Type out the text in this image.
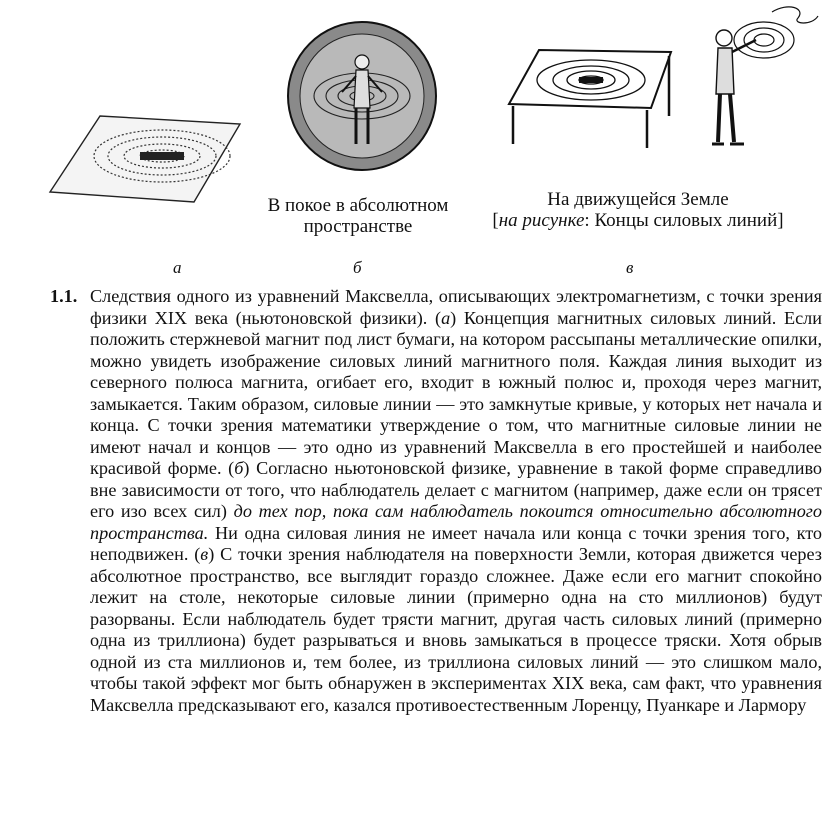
В покое в абсолютном
пространстве
На движущейся Земле
[на рисунке: Концы силовых линий]
а	б	в
1.1. Следствия одного из уравнений Максвелла, описывающих электромагнетизм, с точки зрения физики XIX века (ньютоновской физики). (а) Концепция магнитных силовых линий. Если положить стержневой магнит под лист бумаги, на котором рассыпаны металлические опилки, можно увидеть изображение силовых линий магнитного поля. Каждая линия выходит из северного полюса магнита, огибает его, входит в южный полюс и, проходя через магнит, замыкается. Таким образом, силовые линии — это замкнутые кривые, у которых нет начала и конца. С точки зрения математики утверждение о том, что магнитные силовые линии не имеют начал и концов — это одно из уравнений Максвелла в его простейшей и наиболее красивой форме. (б) Согласно ньютоновской физике, уравнение в такой форме справедливо вне зависимости от того, что наблюдатель делает с магнитом (например, даже если он трясет его изо всех сил) до тех пор, пока сам наблюдатель покоится относительно абсолютного пространства. Ни одна силовая линия не имеет начала или конца с точки зрения того, кто неподвижен. (в) С точки зрения наблюдателя на поверхности Земли, которая движется через абсолютное пространство, все выглядит гораздо сложнее. Даже если его магнит спокойно лежит на столе, некоторые силовые линии (примерно одна на сто миллионов) будут разорваны. Если наблюдатель будет трясти магнит, другая часть силовых линий (примерно одна из триллиона) будет разрываться и вновь замыкаться в процессе тряски. Хотя обрыв одной из ста миллионов и, тем более, из триллиона силовых линий — это слишком мало, чтобы такой эффект мог быть обнаружен в экспериментах XIX века, сам факт, что уравнения Максвелла предсказывают его, казался противоестественным Лоренцу, Пуанкаре и Лармору
